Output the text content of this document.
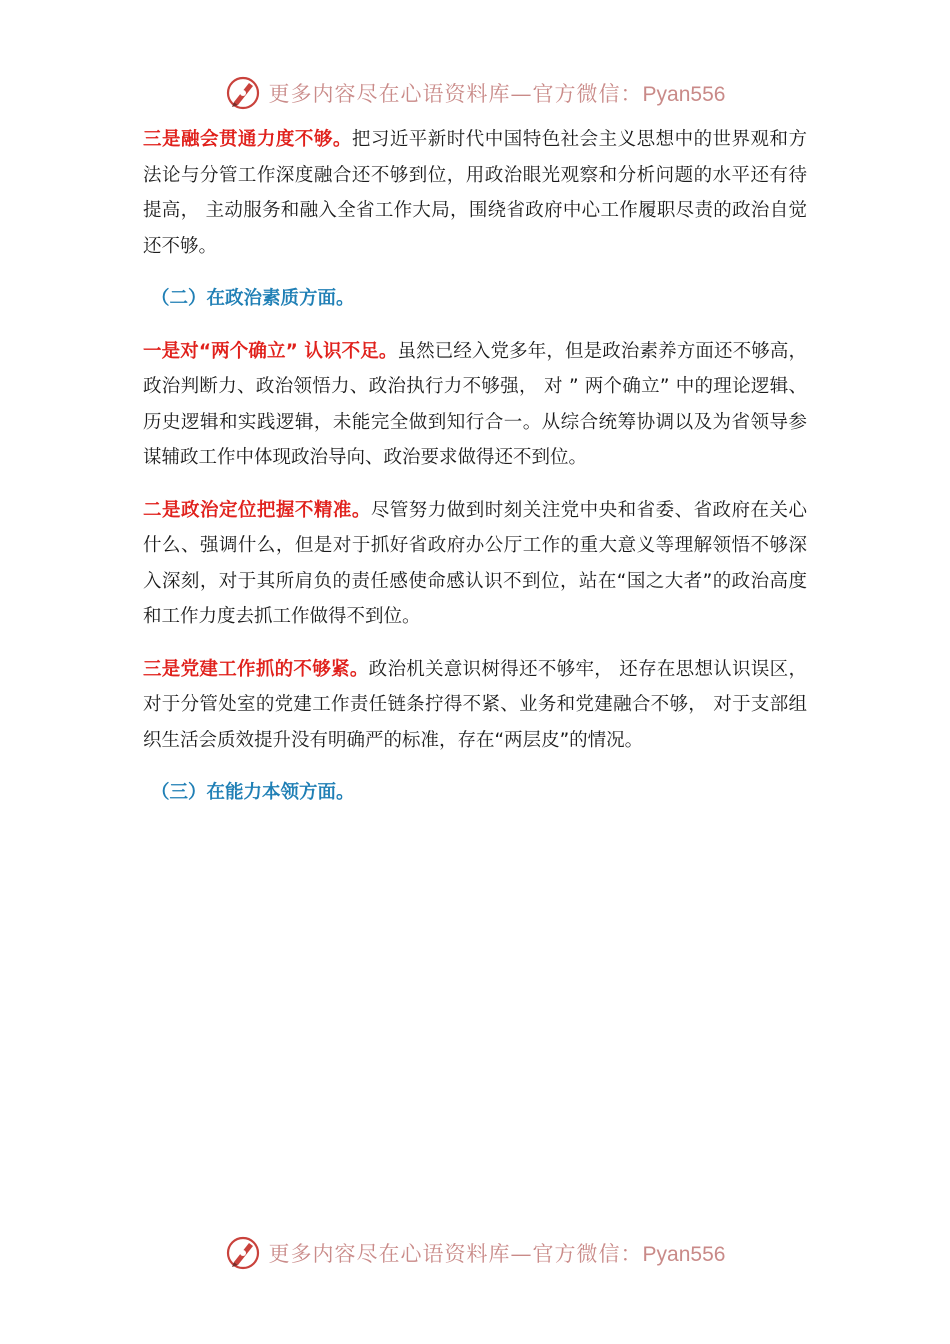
更多内容尽在心语资料库—官方微信：Pyan556

三是融会贯通力度不够。把习近平新时代中国特色社会主义思想中的世界观和方法论与分管工作深度融合还不够到位，用政治眼光观察和分析问题的水平还有待提高， 主动服务和融入全省工作大局，围绕省政府中心工作履职尽责的政治自觉还不够。

（二）在政治素质方面。

一是对“两个确立” 认识不足。虽然已经入党多年，但是政治素养方面还不够高，政治判断力、政治领悟力、政治执行力不够强， 对 ” 两个确立” 中的理论逻辑、历史逻辑和实践逻辑，未能完全做到知行合一。从综合统筹协调以及为省领导参谋辅政工作中体现政治导向、政治要求做得还不到位。

二是政治定位把握不精准。尽管努力做到时刻关注党中央和省委、省政府在关心什么、强调什么，但是对于抓好省政府办公厅工作的重大意义等理解领悟不够深入深刻，对于其所肩负的责任感使命感认识不到位，站在“国之大者”的政治高度和工作力度去抓工作做得不到位。

三是党建工作抓的不够紧。政治机关意识树得还不够牢， 还存在思想认识误区，对于分管处室的党建工作责任链条拧得不紧、业务和党建融合不够， 对于支部组织生活会质效提升没有明确严的标准，存在“两层皮”的情况。

（三）在能力本领方面。

更多内容尽在心语资料库—官方微信：Pyan556
